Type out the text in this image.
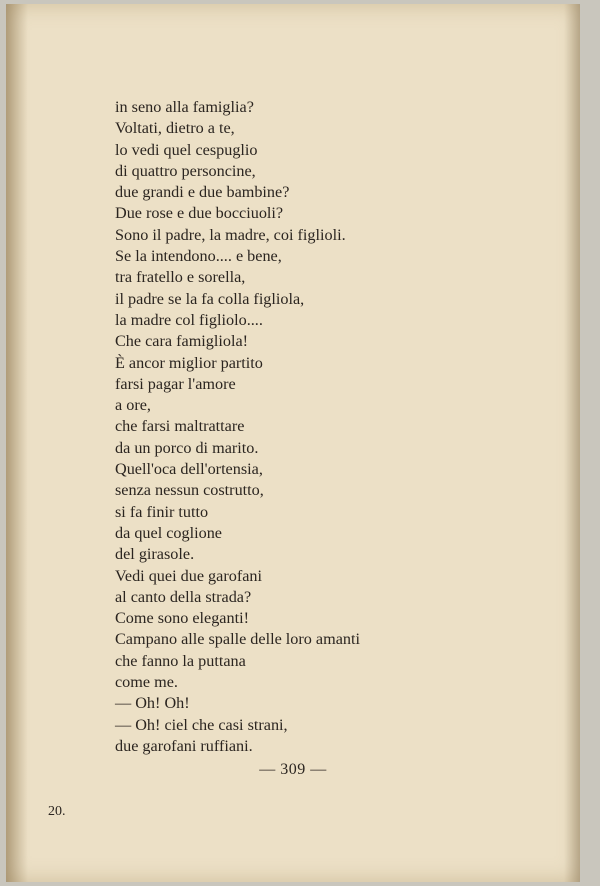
in seno alla famiglia?
Voltati, dietro a te,
lo vedi quel cespuglio
di quattro personcine,
due grandi e due bambine?
Due rose e due bocciuoli?
Sono il padre, la madre, coi figlioli.
Se la intendono.... e bene,
tra fratello e sorella,
il padre se la fa colla figliola,
la madre col figliolo....
Che cara famigliola!
È ancor miglior partito
farsi pagar l'amore
a ore,
che farsi maltrattare
da un porco di marito.
Quell'oca dell'ortensia,
senza nessun costrutto,
si fa finir tutto
da quel coglione
del girasole.
Vedi quei due garofani
al canto della strada?
Come sono eleganti!
Campano alle spalle delle loro amanti
che fanno la puttana
come me.
— Oh! Oh!
— Oh! ciel che casi strani,
due garofani ruffiani.
— 309 —
20.
